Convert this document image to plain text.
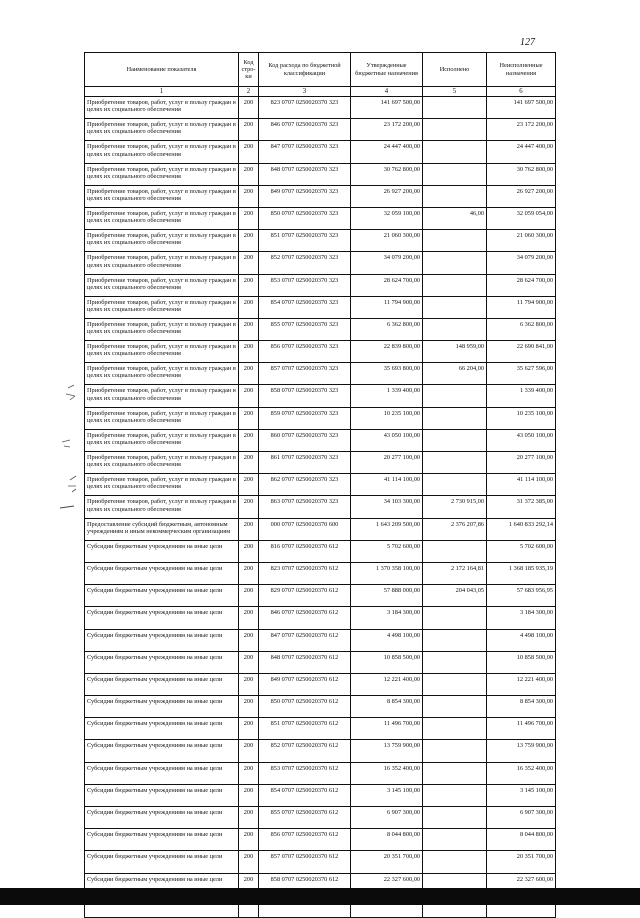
127
Наименование показателя	Код стро-ки	Код расхода по бюджетной классификации	Утвержденные бюджетные назначения	Исполнено	Неисполненные назначения
1	2	3	4	5	6
Приобретение товаров, работ, услуг в пользу граждан в целях их социального обеспечения	200	823 0707 0250020370 323	141 697 500,00		141 697 500,00
Приобретение товаров, работ, услуг в пользу граждан в целях их социального обеспечения	200	846 0707 0250020370 323	23 172 200,00		23 172 200,00
Приобретение товаров, работ, услуг в пользу граждан в целях их социального обеспечения	200	847 0707 0250020370 323	24 447 400,00		24 447 400,00
Приобретение товаров, работ, услуг в пользу граждан в целях их социального обеспечения	200	848 0707 0250020370 323	30 762 800,00		30 762 800,00
Приобретение товаров, работ, услуг в пользу граждан в целях их социального обеспечения	200	849 0707 0250020370 323	26 927 200,00		26 927 200,00
Приобретение товаров, работ, услуг в пользу граждан в целях их социального обеспечения	200	850 0707 0250020370 323	32 059 100,00	46,00	32 059 054,00
Приобретение товаров, работ, услуг в пользу граждан в целях их социального обеспечения	200	851 0707 0250020370 323	21 060 300,00		21 060 300,00
Приобретение товаров, работ, услуг в пользу граждан в целях их социального обеспечения	200	852 0707 0250020370 323	34 079 200,00		34 079 200,00
Приобретение товаров, работ, услуг в пользу граждан в целях их социального обеспечения	200	853 0707 0250020370 323	28 624 700,00		28 624 700,00
Приобретение товаров, работ, услуг в пользу граждан в целях их социального обеспечения	200	854 0707 0250020370 323	11 794 900,00		11 794 900,00
Приобретение товаров, работ, услуг в пользу граждан в целях их социального обеспечения	200	855 0707 0250020370 323	6 362 800,00		6 362 800,00
Приобретение товаров, работ, услуг в пользу граждан в целях их социального обеспечения	200	856 0707 0250020370 323	22 839 800,00	148 959,00	22 690 841,00
Приобретение товаров, работ, услуг в пользу граждан в целях их социального обеспечения	200	857 0707 0250020370 323	35 693 800,00	66 204,00	35 627 596,00
Приобретение товаров, работ, услуг в пользу граждан в целях их социального обеспечения	200	858 0707 0250020370 323	1 339 400,00		1 339 400,00
Приобретение товаров, работ, услуг в пользу граждан в целях их социального обеспечения	200	859 0707 0250020370 323	10 235 100,00		10 235 100,00
Приобретение товаров, работ, услуг в пользу граждан в целях их социального обеспечения	200	860 0707 0250020370 323	43 050 100,00		43 050 100,00
Приобретение товаров, работ, услуг в пользу граждан в целях их социального обеспечения	200	861 0707 0250020370 323	20 277 100,00		20 277 100,00
Приобретение товаров, работ, услуг в пользу граждан в целях их социального обеспечения	200	862 0707 0250020370 323	41 114 100,00		41 114 100,00
Приобретение товаров, работ, услуг в пользу граждан в целях их социального обеспечения	200	863 0707 0250020370 323	34 103 300,00	2 730 915,00	31 372 385,00
Предоставление субсидий бюджетным, автономным учреждениям и иным некоммерческим организациям	200	000 0707 0250020370 600	1 643 209 500,00	2 376 207,86	1 640 833 292,14
Субсидии бюджетным учреждениям на иные цели	200	816 0707 0250020370 612	5 702 600,00		5 702 600,00
Субсидии бюджетным учреждениям на иные цели	200	823 0707 0250020370 612	1 370 358 100,00	2 172 164,81	1 368 185 935,19
Субсидии бюджетным учреждениям на иные цели	200	829 0707 0250020370 612	57 888 000,00	204 043,05	57 683 956,95
Субсидии бюджетным учреждениям на иные цели	200	846 0707 0250020370 612	3 184 300,00		3 184 300,00
Субсидии бюджетным учреждениям на иные цели	200	847 0707 0250020370 612	4 498 100,00		4 498 100,00
Субсидии бюджетным учреждениям на иные цели	200	848 0707 0250020370 612	10 858 500,00		10 858 500,00
Субсидии бюджетным учреждениям на иные цели	200	849 0707 0250020370 612	12 221 400,00		12 221 400,00
Субсидии бюджетным учреждениям на иные цели	200	850 0707 0250020370 612	8 854 300,00		8 854 300,00
Субсидии бюджетным учреждениям на иные цели	200	851 0707 0250020370 612	11 496 700,00		11 496 700,00
Субсидии бюджетным учреждениям на иные цели	200	852 0707 0250020370 612	13 759 900,00		13 759 900,00
Субсидии бюджетным учреждениям на иные цели	200	853 0707 0250020370 612	16 352 400,00		16 352 400,00
Субсидии бюджетным учреждениям на иные цели	200	854 0707 0250020370 612	3 145 100,00		3 145 100,00
Субсидии бюджетным учреждениям на иные цели	200	855 0707 0250020370 612	6 907 300,00		6 907 300,00
Субсидии бюджетным учреждениям на иные цели	200	856 0707 0250020370 612	8 044 800,00		8 044 800,00
Субсидии бюджетным учреждениям на иные цели	200	857 0707 0250020370 612	20 351 700,00		20 351 700,00
Субсидии бюджетным учреждениям на иные цели	200	858 0707 0250020370 612	22 327 600,00		22 327 600,00
